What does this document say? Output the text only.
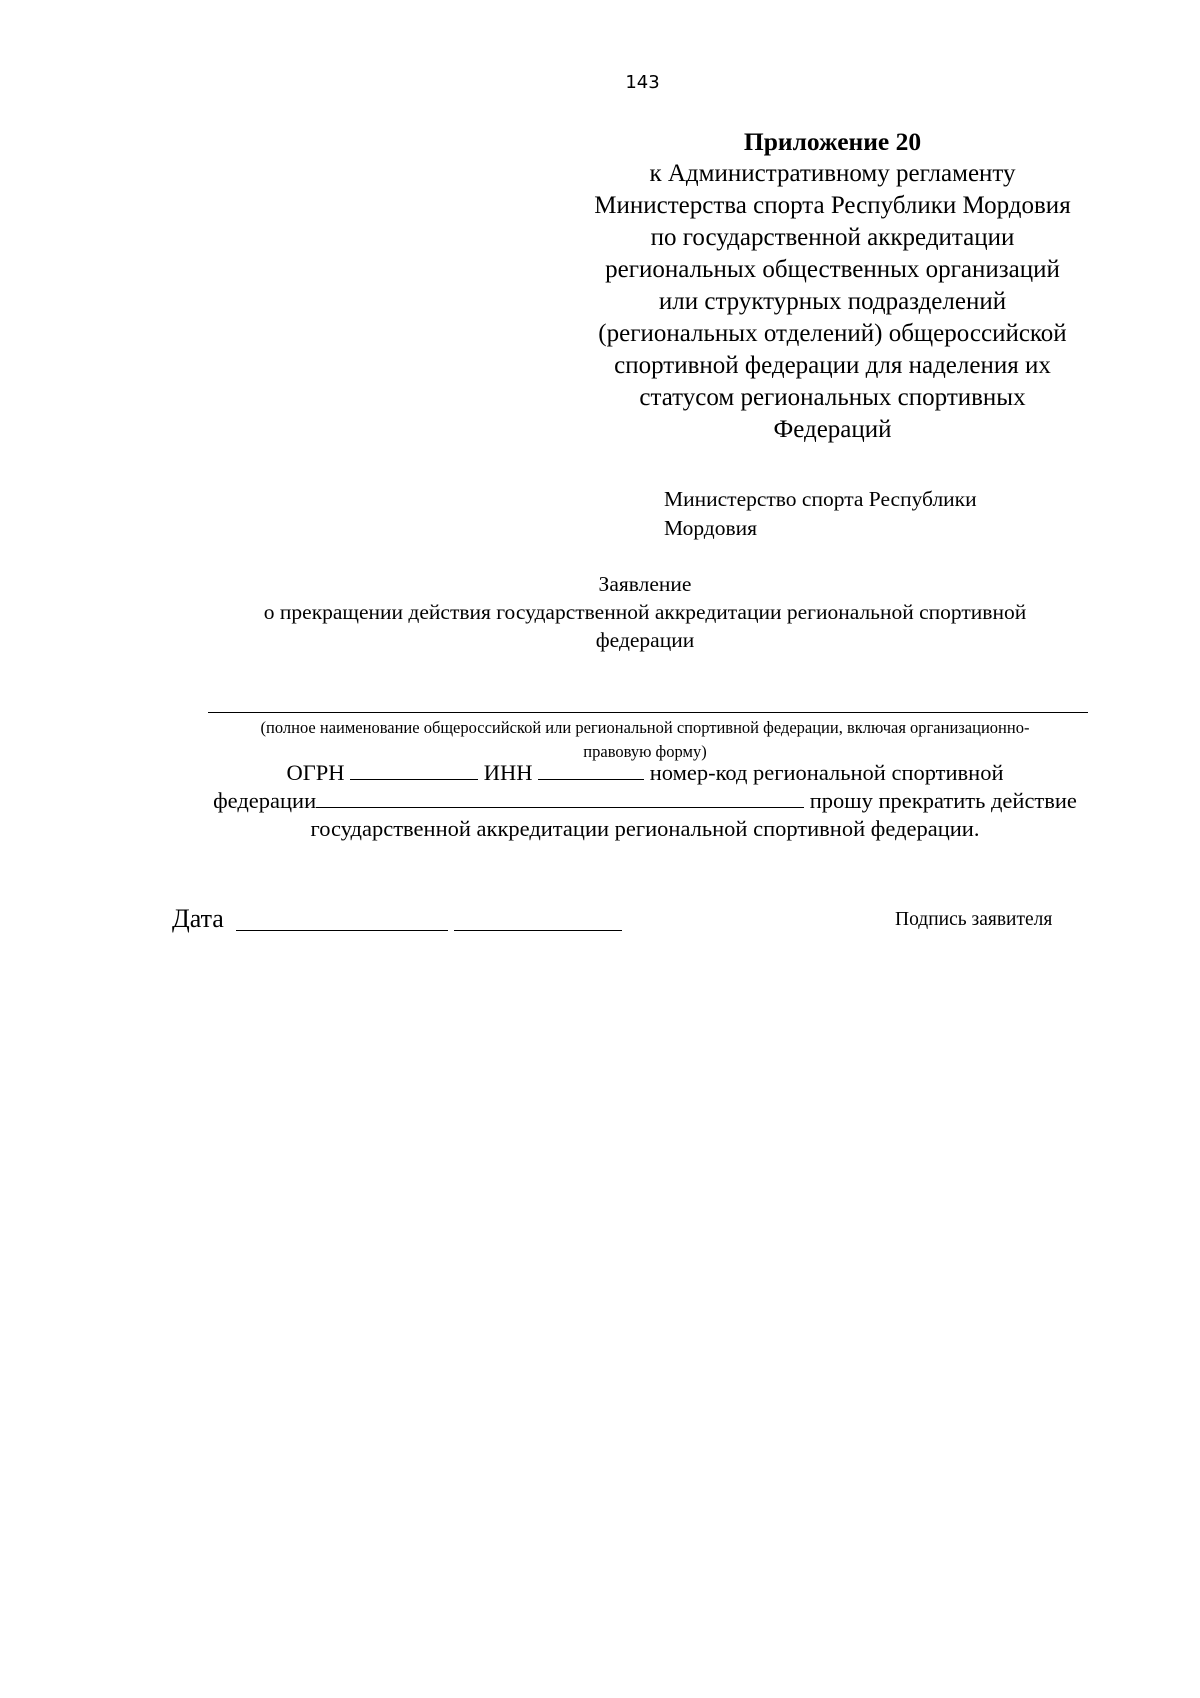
143
Приложение 20
к Административному регламенту
Министерства спорта Республики Мордовия
по государственной аккредитации
региональных общественных организаций
или структурных подразделений
(региональных отделений) общероссийской
спортивной федерации для наделения их
статусом региональных спортивных
Федераций
Министерство спорта Республики
Мордовия
Заявление
о прекращении действия государственной аккредитации региональной спортивной
федерации
(полное наименование общероссийской или региональной спортивной федерации, включая организационно-
правовую форму)
ОГРН	ИНН	номер-код региональной спортивной
федерации	прошу прекратить действие
государственной аккредитации региональной спортивной федерации.
Дата	Подпись заявителя
